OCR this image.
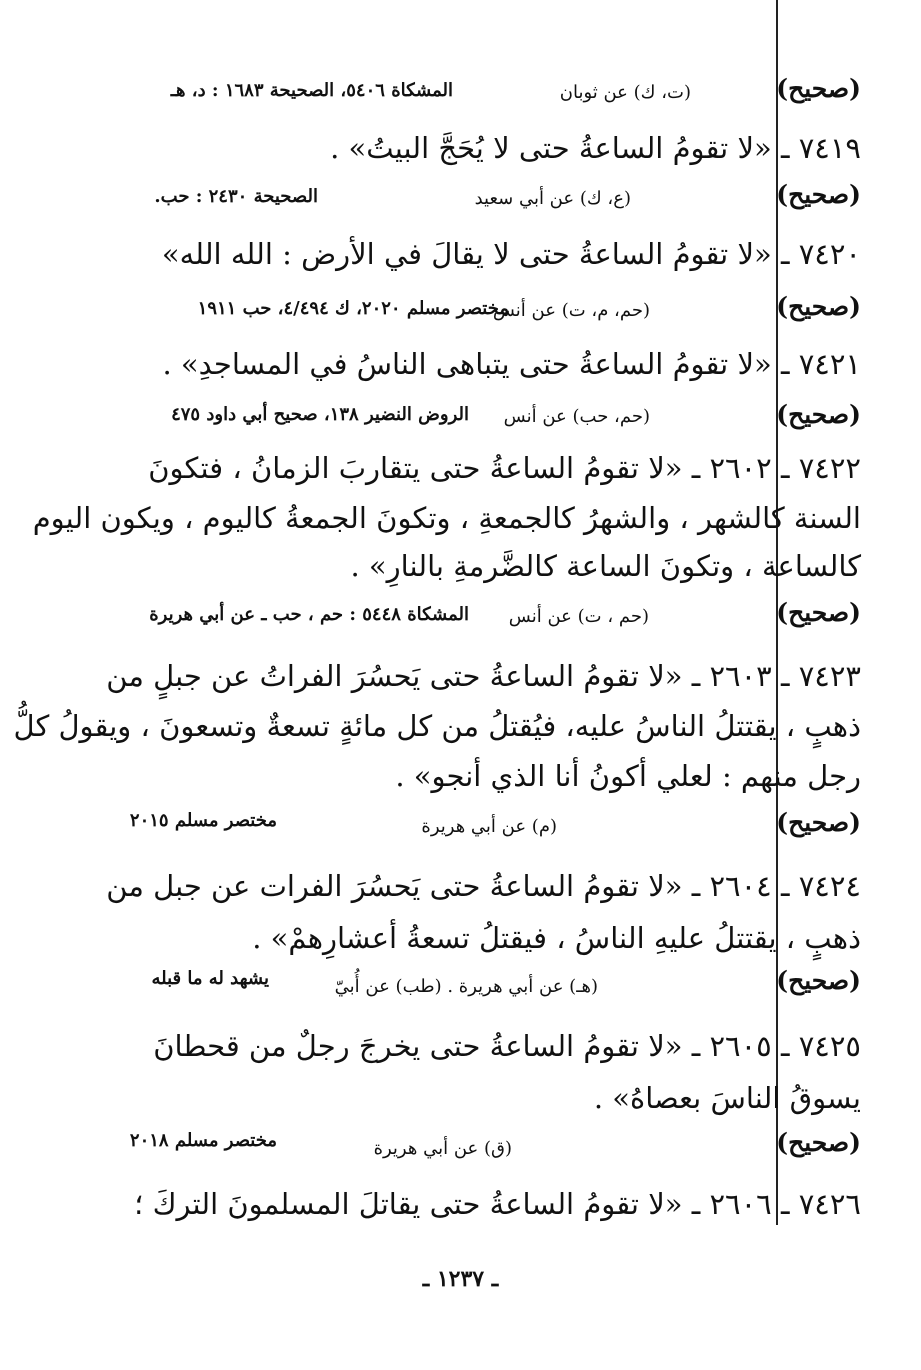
(صحيح)
(ت، ك) عن ثوبان
المشكاة ٥٤٠٦، الصحيحة ١٦٨٣ : د، هـ
٧٤١٩ ـ «لا تقومُ الساعةُ حتى لا يُحَجَّ البيتُ» .
(صحيح)
(ع، ك) عن أبي سعيد
الصحيحة ٢٤٣٠ : حب.
٧٤٢٠ ـ «لا تقومُ الساعةُ حتى لا يقالَ في الأرض : الله الله»
(صحيح)
(حم، م، ت) عن أنس
مختصر مسلم ٢٠٢٠، ك ٤/٤٩٤، حب ١٩١١
٧٤٢١ ـ «لا تقومُ الساعةُ حتى يتباهى الناسُ في المساجدِ» .
(صحيح)
(حم، حب) عن أنس
الروض النضير ١٣٨، صحيح أبي داود ٤٧٥
٧٤٢٢ ـ ٢٦٠٢ ـ «لا تقومُ الساعةُ حتى يتقاربَ الزمانُ ، فتكونَ
السنة كالشهر ، والشهرُ كالجمعةِ ، وتكونَ الجمعةُ كاليوم ، ويكون اليوم
كالساعة ، وتكونَ الساعة كالضَّرمةِ بالنارِ» .
(صحيح)
(حم ، ت) عن أنس
المشكاة ٥٤٤٨ : حم ، حب ـ عن أبي هريرة
٧٤٢٣ ـ ٢٦٠٣ ـ «لا تقومُ الساعةُ حتى يَحسُرَ الفراتُ عن جبلٍ من
ذهبٍ ، يقتتلُ الناسُ عليه، فيُقتلُ من كل مائةٍ تسعةٌ وتسعونَ ، ويقولُ كلُّ
رجل منهم : لعلي أكونُ أنا الذي أنجو» .
(صحيح)
(م) عن أبي هريرة
مختصر مسلم ٢٠١٥
٧٤٢٤ ـ ٢٦٠٤ ـ «لا تقومُ الساعةُ حتى يَحسُرَ الفرات عن جبل من
ذهبٍ ، يقتتلُ عليهِ الناسُ ، فيقتلُ تسعةُ أعشارِهمْ» .
(صحيح)
(هـ) عن أبي هريرة . (طب) عن أُبيّ
يشهد له ما قبله
٧٤٢٥ ـ ٢٦٠٥ ـ «لا تقومُ الساعةُ حتى يخرجَ رجلٌ من قحطانَ
يسوقُ الناسَ بعصاهُ» .
(صحيح)
(ق) عن أبي هريرة
مختصر مسلم ٢٠١٨
٧٤٢٦ ـ ٢٦٠٦ ـ «لا تقومُ الساعةُ حتى يقاتلَ المسلمونَ التركَ ؛
ـ ١٢٣٧ ـ
